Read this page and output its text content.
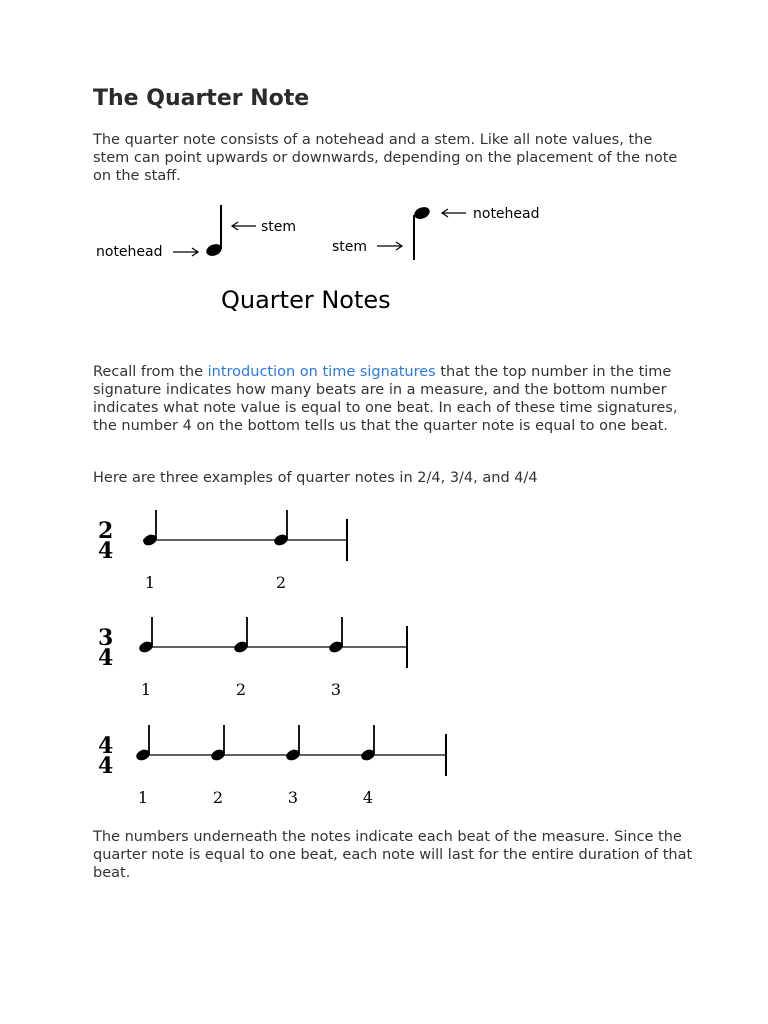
The Quarter Note

The quarter note consists of a notehead and a stem. Like all note values, the stem can point upwards or downwards, depending on the placement of the note on the staff.

stem
notehead
notehead
stem
Quarter Notes

Recall from the introduction on time signatures that the top number in the time signature indicates how many beats are in a measure, and the bottom number indicates what note value is equal to one beat. In each of these time signatures, the number 4 on the bottom tells us that the quarter note is equal to one beat.

Here are three examples of quarter notes in 2/4, 3/4, and 4/4

2
4
1	2
3
4
1	2	3
4
4
1	2	3	4

The numbers underneath the notes indicate each beat of the measure. Since the quarter note is equal to one beat, each note will last for the entire duration of that beat.
